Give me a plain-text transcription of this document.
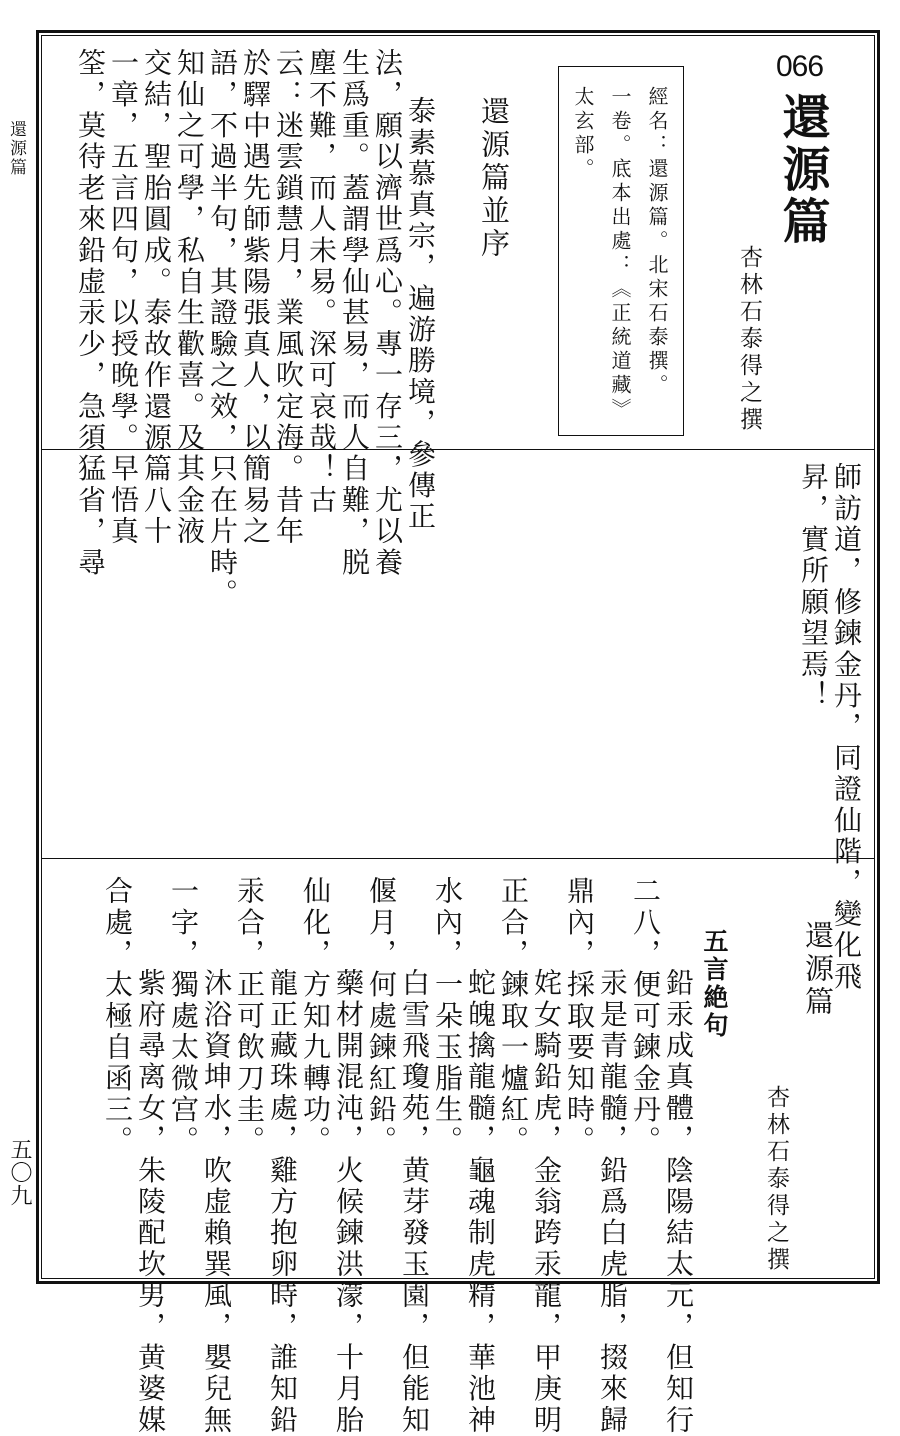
還源篇
五〇九
066
還源篇
杏林石泰得之撰
經名：還源篇。北宋石泰撰。
一卷。底本出處：《正統道藏》
太玄部。
還源篇並序
泰素慕真宗，遍游勝境，參傳正
法，願以濟世爲心。專一存三，尤以養
生爲重。蓋謂學仙甚易，而人自難，脱
塵不難，而人未易。深可哀哉！古
云：迷雲鎖慧月，業風吹定海。昔年
於驛中遇先師紫陽張真人，以簡易之
語，不過半句，其證驗之效，只在片時。
知仙之可學，私自生歡喜。及其金液
交結，聖胎圓成。泰故作還源篇八十
一章，五言四句，以授晚學。早悟真
筌，莫待老來鉛虚汞少，急須猛省，尋
師訪道，修鍊金丹，同證仙階，變化飛
昇，實所願望焉！
還源篇
杏林石泰得之撰
五言絶句
鉛汞成真體，陰陽結太元，但知行
二八，便可鍊金丹。
汞是青龍髓，鉛爲白虎脂，掇來歸
鼎內，採取要知時。
姹女騎鉛虎，金翁跨汞龍，甲庚明
正合，鍊取一爐紅。
蛇魄擒龍髓，龜魂制虎精，華池神
水內，一朵玉脂生。
白雪飛瓊苑，黄芽發玉園，但能知
偃月，何處鍊紅鉛。
藥材開混沌，火候鍊洪濛，十月胎
仙化，方知九轉功。
龍正藏珠處，雞方抱卵時，誰知鉛
汞合，正可飲刀圭。
沐浴資坤水，吹虚賴巽風，嬰兒無
一字，獨處太微宫。
紫府尋离女，朱陵配坎男，黄婆媒
合處，太極自函三。
